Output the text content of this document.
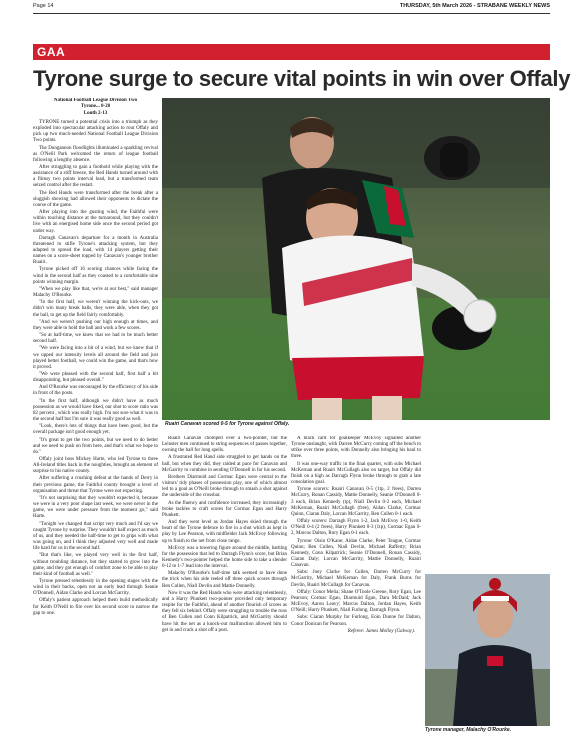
Page 14	THURSDAY, 5th March 2026 - STRABANE WEEKLY NEWS
GAA
Tyrone surge to secure vital points in win over Offaly
National Football League Division Two
Tyrone... 0-28
Louth 2-13

TYRONE turned a potential crisis into a triumph as they exploded into spectacular attacking action to rout Offaly and pick up two much-needed National Football League Division Two points.

The Dungannon floodlights illuminated a sparkling revival as O'Neill Park welcomed the return of league football following a lengthy absence.

After struggling to gain a foothold while playing with the assistance of a stiff breeze, the Red Hands turned around with a flimsy two points interval lead, but a transformed team seized control after the restart.

The Red Hands were transformed after the break after a sluggish showing had allowed their opponents to dictate the course of the game.

After playing into the gusting wind, the Faithful were within touching distance at the turnaround, but they couldn't live with an energised home side once the second period got under way.

Darragh Canavan's departure for a month in Australia threatened to stifle Tyrone's attacking system, but they adapted to spread the load, with 14 players getting their names on a score-sheet topped by Canavan's younger brother Ruairi.

Tyrone picked off 16 scoring chances while facing the wind in the second half as they coasted to a comfortable nine points winning margin.

"When we play like that, we're at our best," said manager Malachy O'Rourke.

"In the first half, we weren't winning the kick-outs, we didn't win many break balls, they were able, when they got the ball, to get up the field fairly comfortably.

"And we weren't pushing our high enough at times, and they were able to hold the ball and work a few scores.

"So at half-time, we knew that we had to be much better second half.

"We were facing into a bit of a wind, but we knew that if we upped our intensity levels all around the field and just played better football, we could win the game, and that's how it proved.

"We were pleased with the second half, first half a bit disappointing, but pleased overall."

And O'Rourke was encouraged by the efficiency of his side in front of the posts.

"In the first half, although we didn't have as much possession as we would have liked, our shot to score ratio was 82 percent , which was really high. I'm not sure what it was in the second half but I'm sure it was really good as well.

"Look, there's lots of things that have been good, but the overall package isn't good enough yet.

"It's great to get the two points, but we need to do better and we need to push on from here, and that's what we hope to do."

Offaly joint boss Mickey Harte, who led Tyrone to three All-Ireland titles back in the noughties, brought an element of surprise to his native county.

After suffering a crushing defeat at the hands of Derry in their previous game, the Faithful county brought a level of organisation and threat that Tyrone were not expecting.

"It's not surprising that they wouldn't expected it, because we were in a very poor shape last week, we were never in the game, we were under pressure from the moment go," said Harte.

"Tonight we changed that script very much and I'd say we caught Tyrone by surprise. They wouldn't half expect as much of us, and they needed the half-time to get to grips with what was going on, and I think they adjusted very well and made life hard for us in the second half.

"But that's like, we played very well in the first half, without troubling distance, but they started to grow into the game, and they got enough of comfort zone to be able to play their kind of football as well."

Tyrone pressed relentlessly in the opening stages with the wind in their backs, open not an early lead through Seanie O'Donnell, Aidan Clarke and Lorcan McGarrity.

Offaly's patient approach helped them build methodically for Keith O'Neill to fire over his second score to narrow the gap to one.

Ruairi Canavan scored 0-5 for Tyrone against Offaly.

Ruairi Canavan chomped over a two-pointer, but the Leinster men continued to string sequences of passes together, owning the ball for long spells.

A frustrated Red Hand side struggled to get hands on the ball, but when they did, they raided at pace for Canavan and McGarrity to combine in sending O'Donnell in for his second.

Brothers Diarmuid and Cormac Egan were central to the visitors' tidy phases of possession play, one of which almost led to a goal as O'Neill broke through to smash a shot against the underside of the crossbar.

As the fluency and confidence increased, they increasingly broke tackles to craft scores for Cormac Egan and Harry Plunkett.

And they went level as Jordan Hayes skied through the heart of the Tyrone defence to fire in a shot which as kept in play by Lee Pearson, with midfielder Jack McEvoy following up to finish to the net from close range.

McEvoy was a towering figure around the middle, battling for the possession that led to Darragh Flynn's score, but Brian Kennedy's two-pointer helped the home side to take a slender 0-12 to 1-7 lead into the interval.

Malachy O'Rourke's half-time talk seemed to have done the trick when his side reeled off three quick scores through Ben Cullen, Niall Devlin and Mattie Donnelly.

Now it was the Red Hands who were attacking relentlessly, and a Harry Plunkett two-pointer provided only temporary respite for the Faithful, ahead of another flourish of scores as they fell six behind. Offaly were struggling to trouble the runs of Ben Cullen and Conn Kilpatrick, and McGarrity should have hit the net as a knock-out malfunction allowed him to get in and crack a shot off a post.

A black card for goalkeeper McEvoy signalled another Tyrone onslaught, with Darren McCurry coming off the bench to strike over three points, with Donnelly also bringing his haul to three.

It was one-way traffic in the final quarter, with subs Michael McKernan and Ruairi McCullagh also on target, but Offaly did finish on a high as Darragh Flynn broke through to grab a late consolation goal.

Tyrone scorers: Ruairi Canavan 0-5 (1tp, 2 frees), Darren McCurry, Ronan Cassidy, Mattie Donnelly, Seanie O'Donnell 0-3 each, Brian Kennedy (tp), Niall Devlin 0-2 each, Michael McKernan, Ruairi McCullagh (free), Aidan Clarke, Cormac Quinn, Ciaran Daly, Lorcan McGarrity, Ben Cullen 0-1 each.

Offaly scorers: Darragh Flynn 1-2, Jack McEvoy 1-0, Keith O'Neill 0-4 (2 frees), Harry Plunkett 0-3 (1tp), Cormac Egan 0-2, Marcus Dalton, Rory Egan 0-1 each.

Tyrone: Oisin O'Kane; Aidan Clarke, Peter Teague, Cormac Quinn; Ben Cullen, Niall Devlin, Michael Rafferty; Brian Kennedy, Conn Kilpatrick; Seanie O'Donnell, Ronan Cassidy, Ciaran Daly; Lorcan McGarrity, Mattie Donnelly, Ruairi Canavan.

Subs: Joey Clarke for Cullen, Darren McCurry for McGarrity, Michael McKernan for Daly, Frank Burns for Devlin, Ruairi McCullagh for Canavan.

Offaly: Conor Melia; Shane O'Toole Greene, Rory Egan, Lee Pearson; Cormac Egan, Diarmuid Egan, Dara McDaid; Jack McEvoy, Aaron Leavy; Marcus Dalton, Jordan Hayes, Keith O'Neill; Harry Plunkett, Niall Furlong, Darragh Flynn.

Subs: Ciaran Murphy for Furlong, Eoin Dunne for Dalton, Conor Donican for Pearson.

Referee: James Molloy (Galway).

Tyrone manager, Malachy O'Rourke.
